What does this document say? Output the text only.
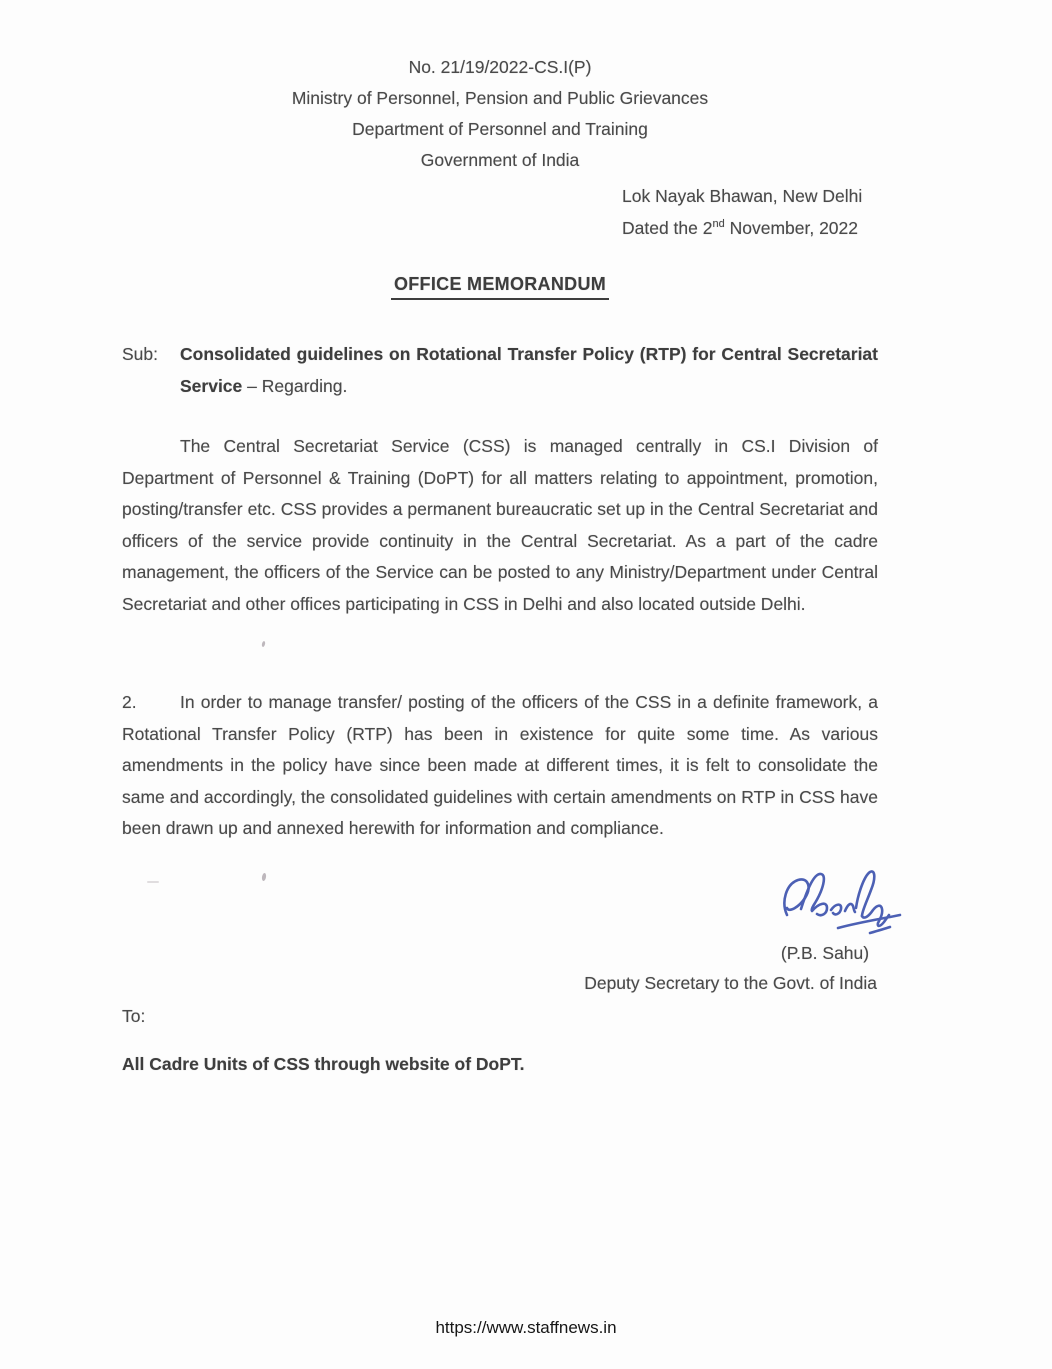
No. 21/19/2022-CS.I(P)
Ministry of Personnel, Pension and Public Grievances
Department of Personnel and Training
Government of India
Lok Nayak Bhawan, New Delhi
Dated the 2nd November, 2022
OFFICE MEMORANDUM
Sub: Consolidated guidelines on Rotational Transfer Policy (RTP) for Central Secretariat Service – Regarding.

The Central Secretariat Service (CSS) is managed centrally in CS.I Division of Department of Personnel & Training (DoPT) for all matters relating to appointment, promotion, posting/transfer etc. CSS provides a permanent bureaucratic set up in the Central Secretariat and officers of the service provide continuity in the Central Secretariat. As a part of the cadre management, the officers of the Service can be posted to any Ministry/Department under Central Secretariat and other offices participating in CSS in Delhi and also located outside Delhi.

2. In order to manage transfer/ posting of the officers of the CSS in a definite framework, a Rotational Transfer Policy (RTP) has been in existence for quite some time. As various amendments in the policy have since been made at different times, it is felt to consolidate the same and accordingly, the consolidated guidelines with certain amendments on RTP in CSS have been drawn up and annexed herewith for information and compliance.

(P.B. Sahu)
Deputy Secretary to the Govt. of India
To:
All Cadre Units of CSS through website of DoPT.
https://www.staffnews.in
